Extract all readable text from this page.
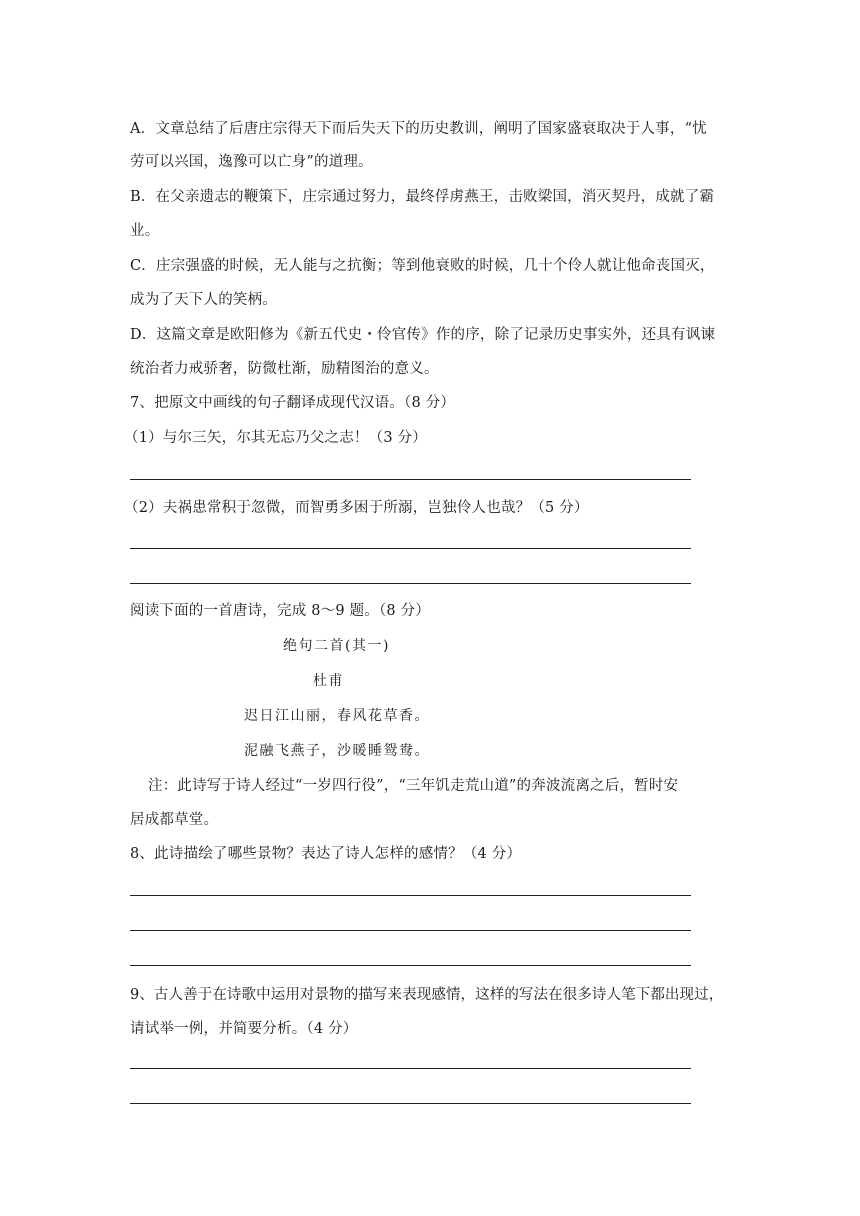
A．文章总结了后唐庄宗得天下而后失天下的历史教训，阐明了国家盛衰取决于人事，“忧
劳可以兴国，逸豫可以亡身”的道理。
B．在父亲遗志的鞭策下，庄宗通过努力，最终俘虏燕王，击败梁国，消灭契丹，成就了霸
业。
C．庄宗强盛的时候，无人能与之抗衡；等到他衰败的时候，几十个伶人就让他命丧国灭，
成为了天下人的笑柄。
D．这篇文章是欧阳修为《新五代史・伶官传》作的序，除了记录历史事实外，还具有讽谏
统治者力戒骄奢，防微杜渐，励精图治的意义。
7、把原文中画线的句子翻译成现代汉语。（8 分）
（1）与尔三矢，尔其无忘乃父之志！（3 分）
（2）夫祸患常积于忽微，而智勇多困于所溺，岂独伶人也哉？（5 分）
阅读下面的一首唐诗，完成 8～9 题。（8 分）
绝句二首(其一)
杜甫
迟日江山丽，春风花草香。
泥融飞燕子，沙暖睡鸳鸯。
注：此诗写于诗人经过“一岁四行役”，“三年饥走荒山道”的奔波流离之后，暂时安
居成都草堂。
8、此诗描绘了哪些景物？表达了诗人怎样的感情？（4 分）
9、古人善于在诗歌中运用对景物的描写来表现感情，这样的写法在很多诗人笔下都出现过，
请试举一例，并简要分析。（4 分）
